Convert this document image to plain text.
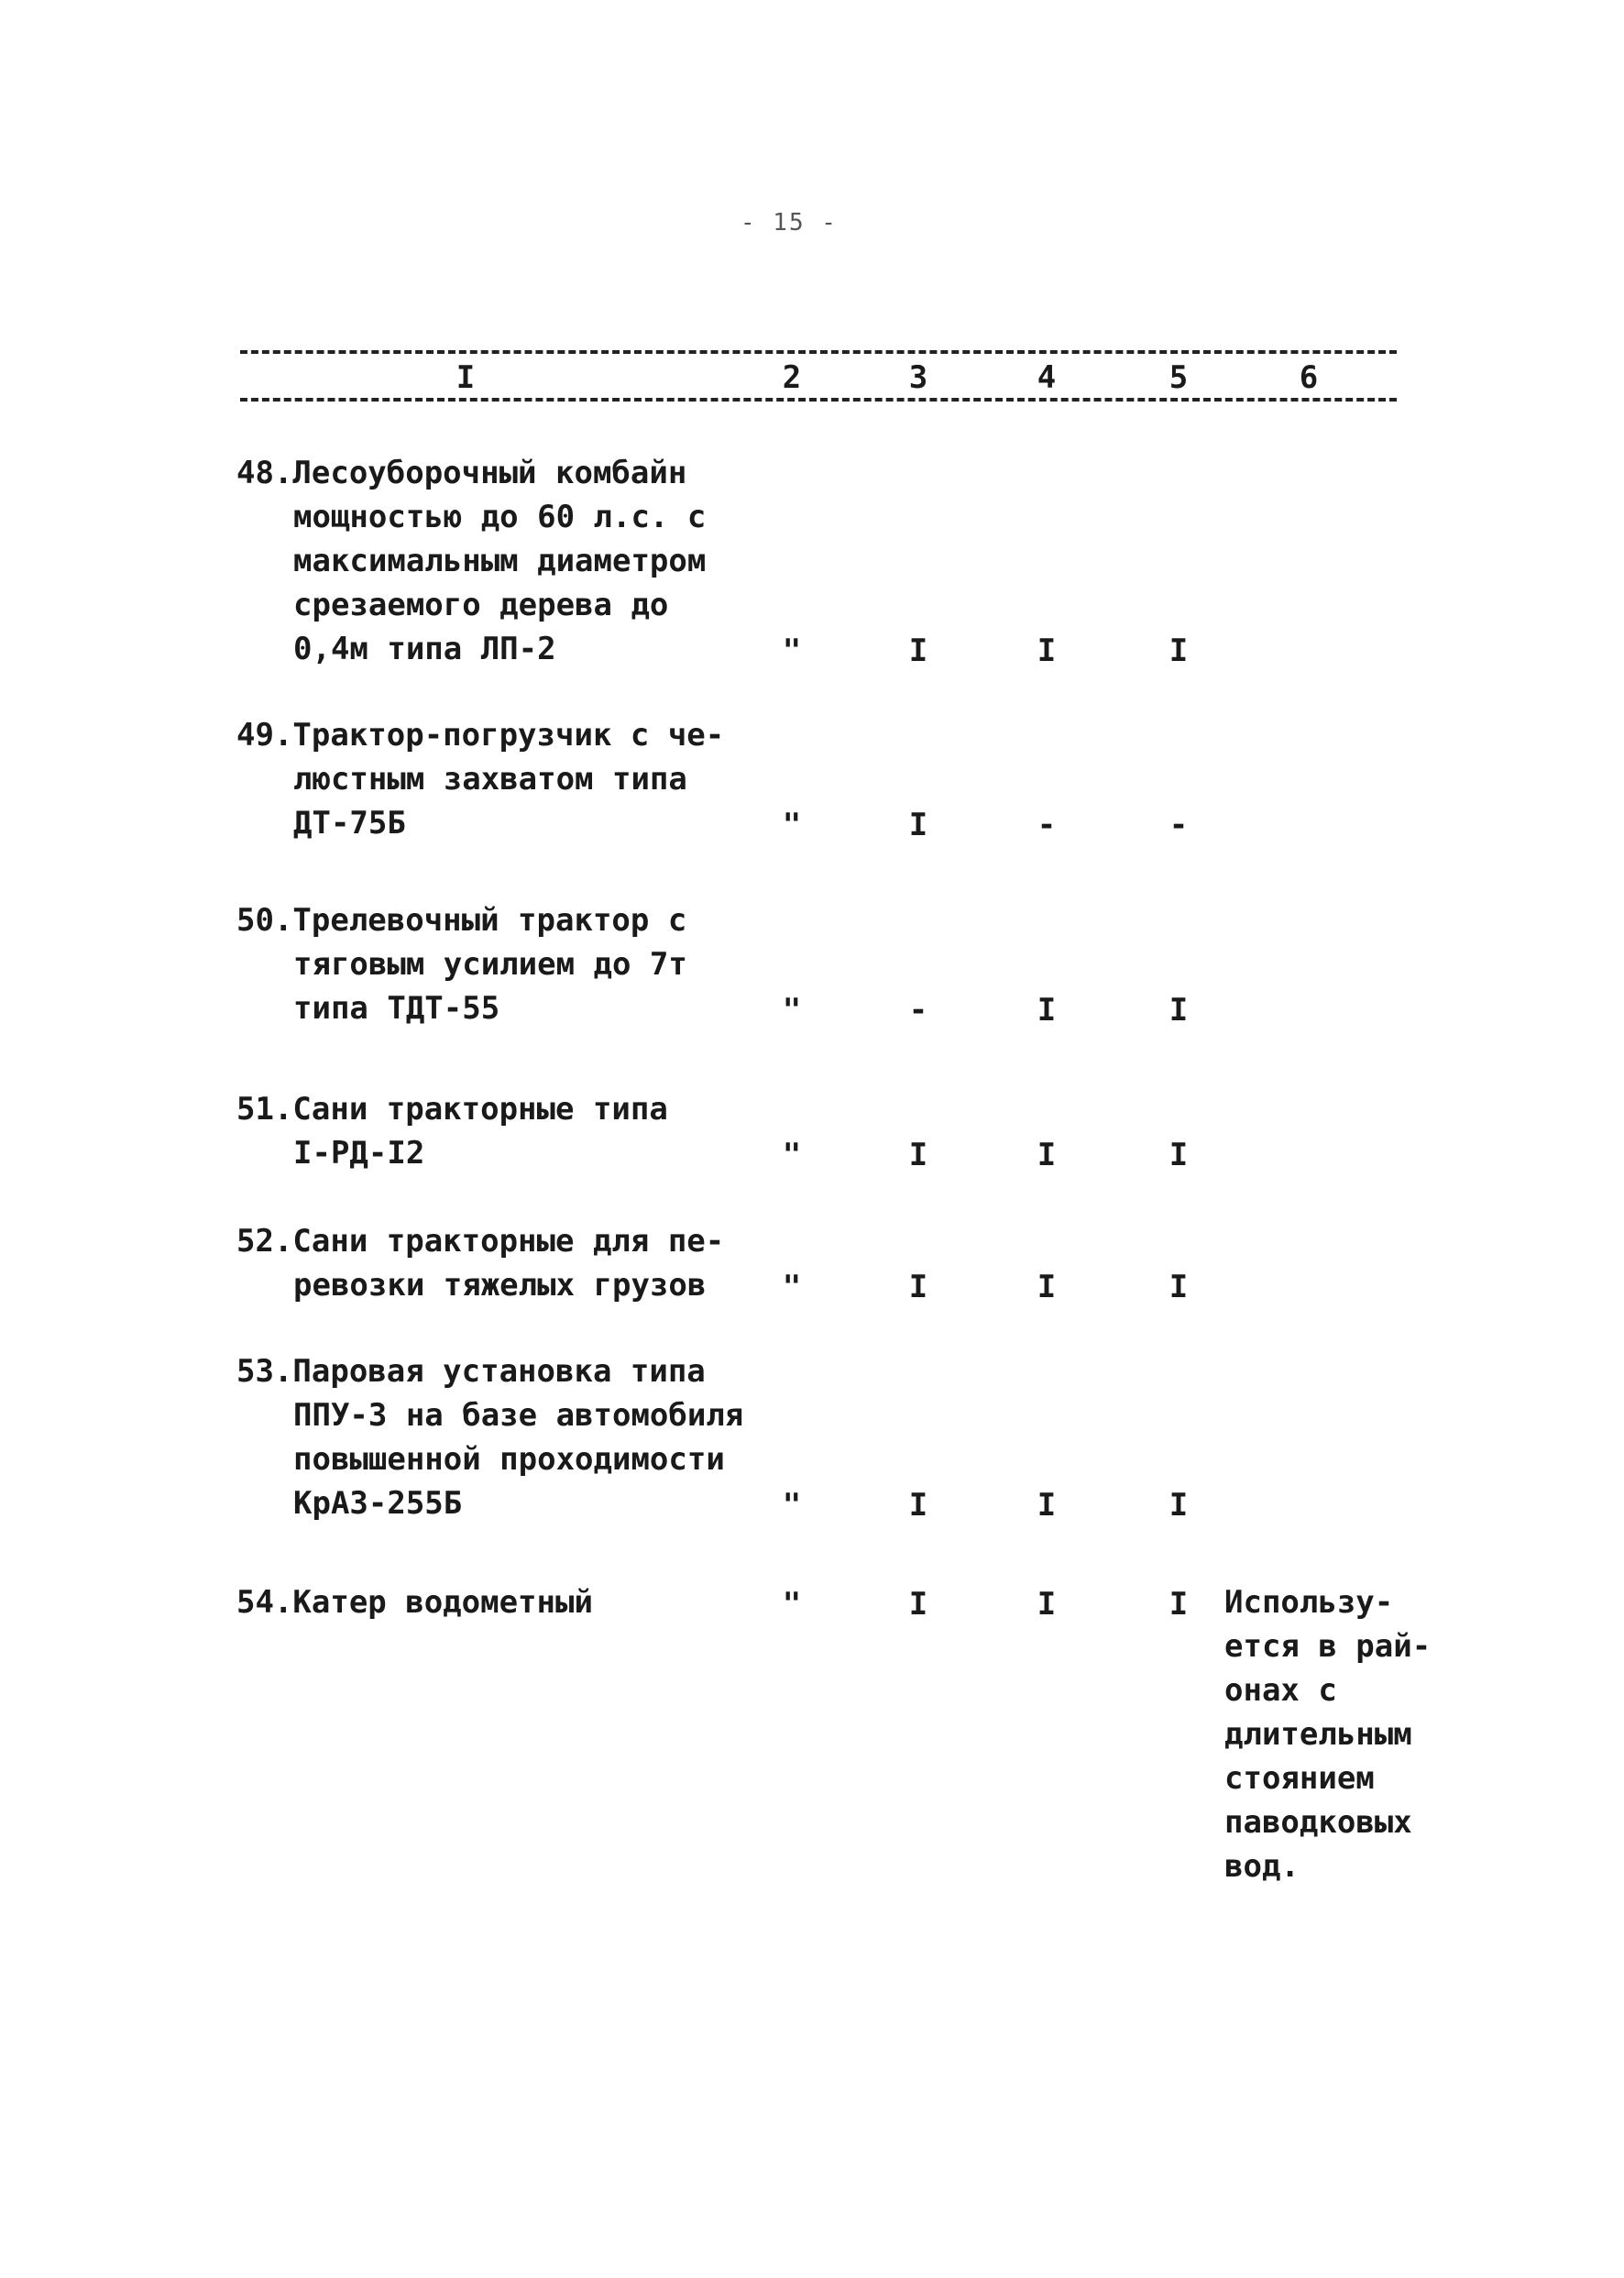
- 15 -
I	2	3	4	5	6
48.Лесоуборочный комбайн
мощностью до 60 л.с. с
максимальным диаметром
срезаемого дерева до
0,4м типа ЛП-2	"	I	I	I
49.Трактор-погрузчик с че-
люстным захватом типа
ДТ-75Б	"	I	-	-
50.Трелевочный трактор с
тяговым усилием до 7т
типа ТДТ-55	"	-	I	I
51.Сани тракторные типа
I-РД-I2	"	I	I	I
52.Сани тракторные для пе-
ревозки тяжелых грузов	"	I	I	I
53.Паровая установка типа
ППУ-3 на базе автомобиля
повышенной проходимости
КрАЗ-255Б	"	I	I	I
54.Катер водометный	"	I	I	I	Использу-
ется в рай-
онах с
длительным
стоянием
паводковых
вод.
